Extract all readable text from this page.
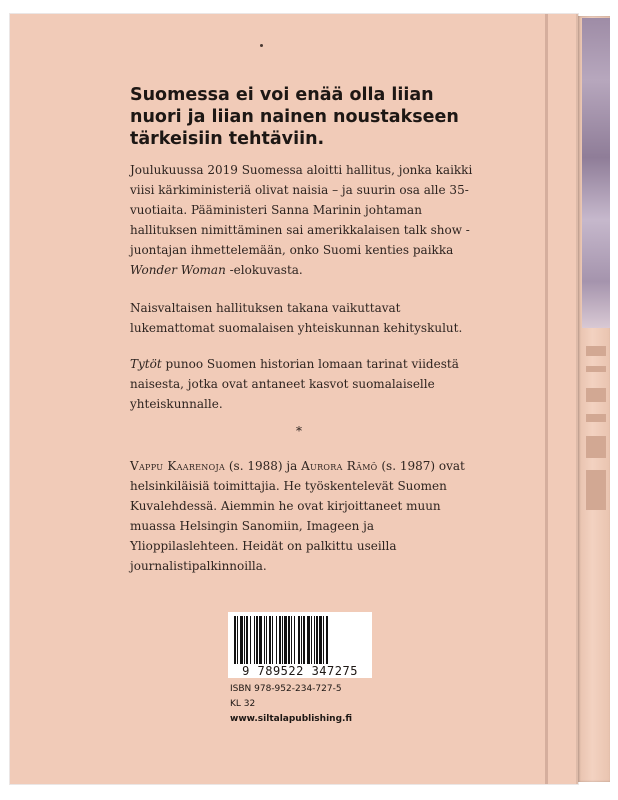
Suomessa ei voi enää olla liian nuori ja liian nainen noustakseen tärkeisiin tehtäviin.

Joulukuussa 2019 Suomessa aloitti hallitus, jonka kaikki viisi kärkiministeriä olivat naisia – ja suurin osa alle 35-vuotiaita. Pääministeri Sanna Marinin johtaman hallituksen nimittäminen sai amerikkalaisen talk show -juontajan ihmettelemään, onko Suomi kenties paikka Wonder Woman -elokuvasta.

Naisvaltaisen hallituksen takana vaikuttavat lukemattomat suomalaisen yhteiskunnan kehityskulut.

Tytöt punoo Suomen historian lomaan tarinat viidestä naisesta, jotka ovat antaneet kasvot suomalaiselle yhteiskunnalle.

*

Vappu Kaarenoja (s. 1988) ja Aurora Rämö (s. 1987) ovat helsinkiläisiä toimittajia. He työskentelevät Suomen Kuvalehdessä. Aiemmin he ovat kirjoittaneet muun muassa Helsingin Sanomiin, Imageen ja Ylioppilaslehteen. Heidät on palkittu useilla journalistipalkinnoilla.

9 789522 347275

ISBN 978-952-234-727-5

KL 32

www.siltalapublishing.fi
